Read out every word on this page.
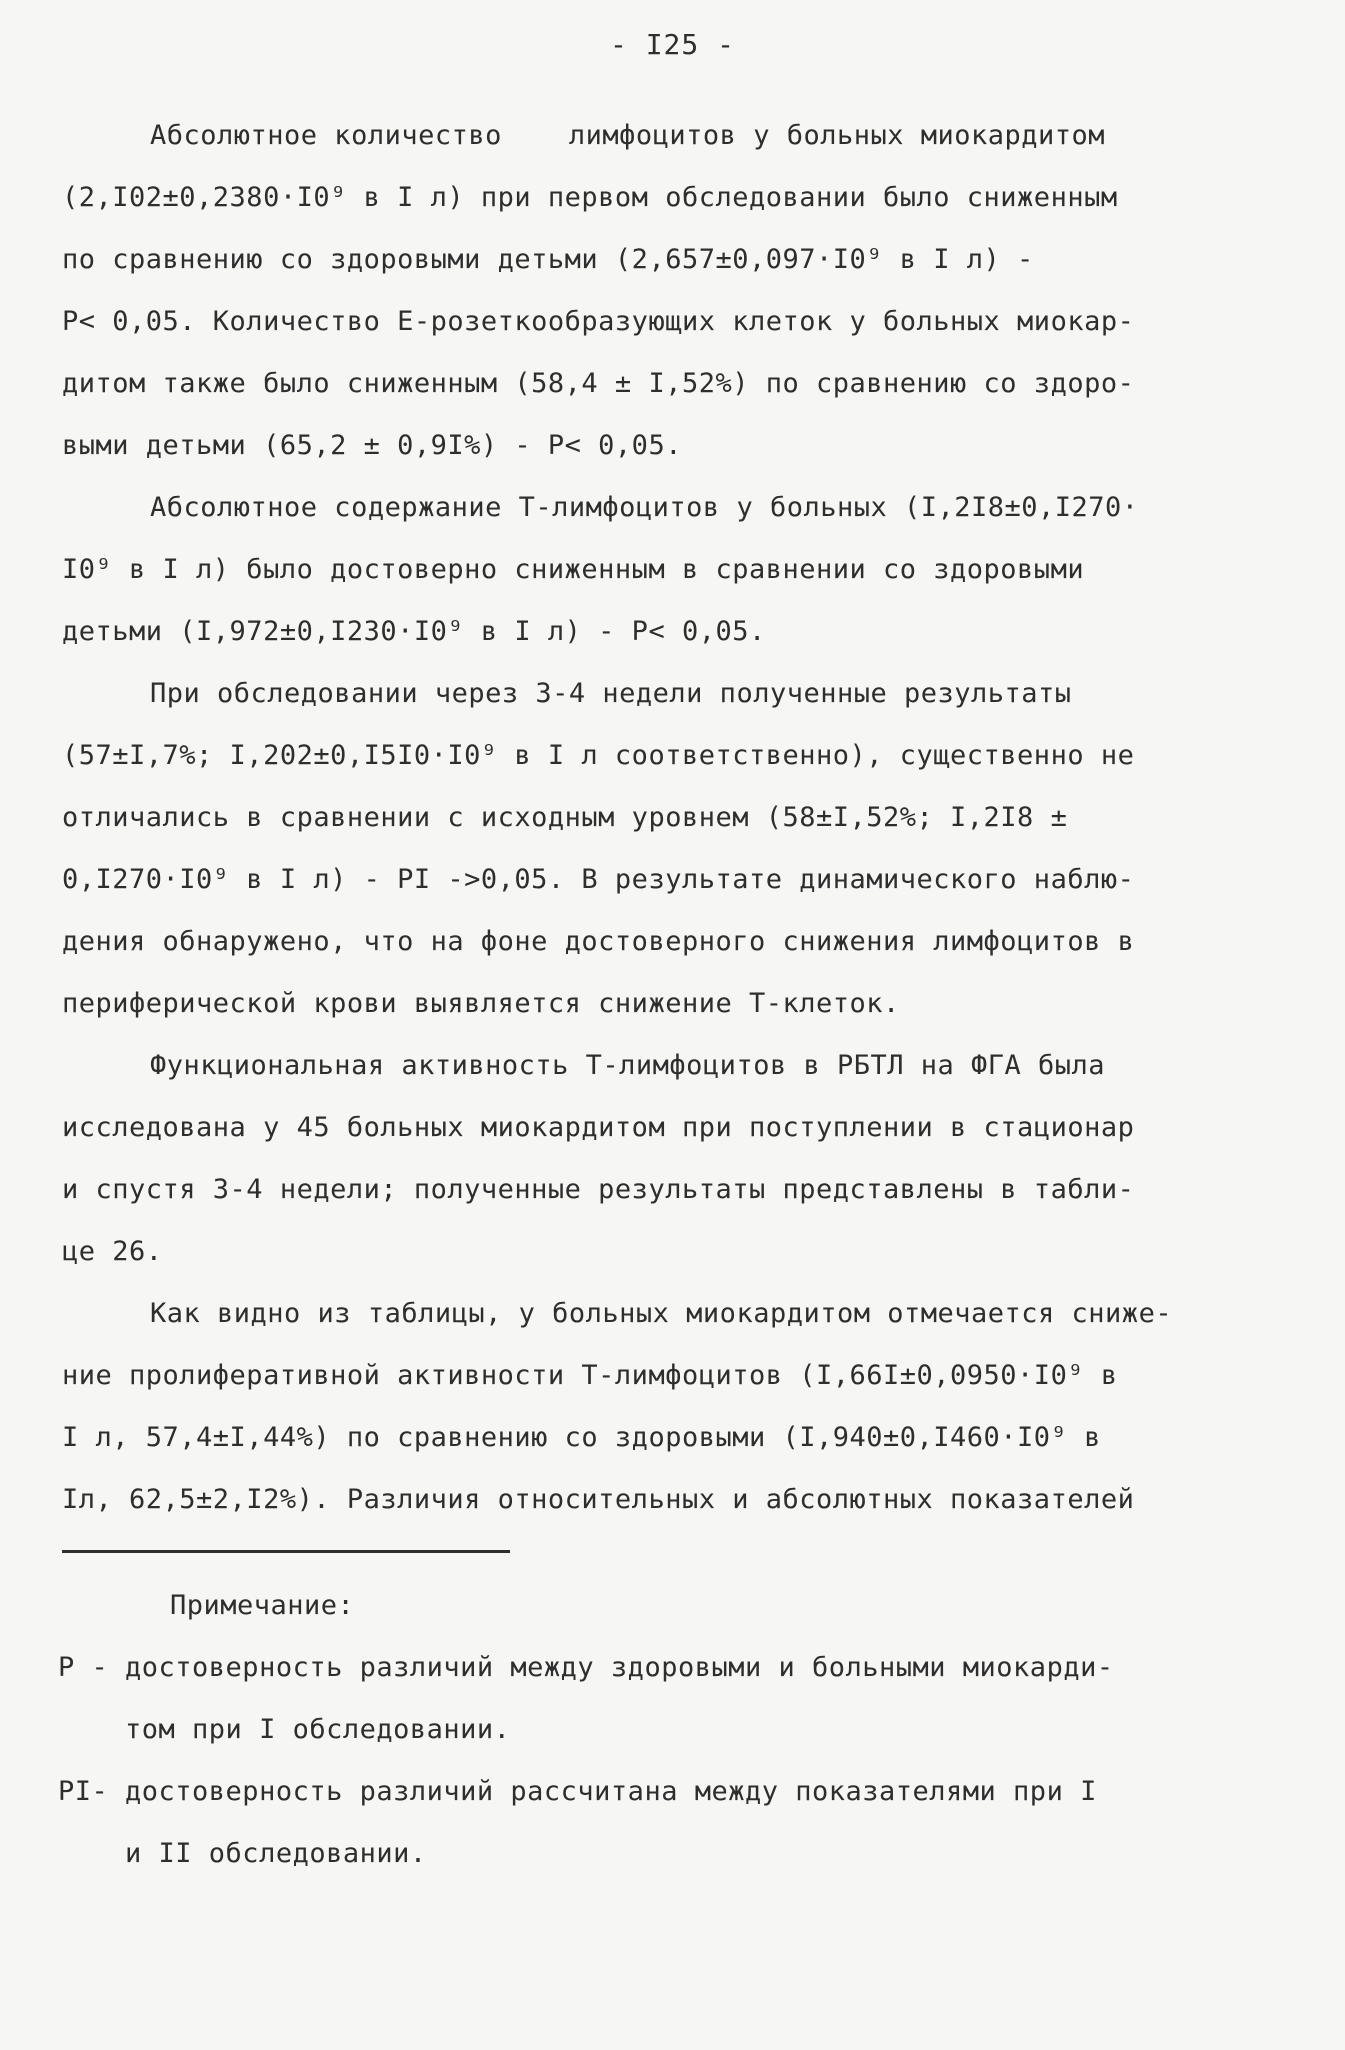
- I25 -
Абсолютное количество    лимфоцитов у больных миокардитом
(2,I02±0,2380·I0⁹ в I л) при первом обследовании было сниженным
по сравнению со здоровыми детьми (2,657±0,097·I0⁹ в I л) -
P< 0,05. Количество Е-розеткообразующих клеток у больных миокар-
дитом также было сниженным (58,4 ± I,52%) по сравнению со здоро-
выми детьми (65,2 ± 0,9I%) - P< 0,05.
Абсолютное содержание Т-лимфоцитов у больных (I,2I8±0,I270·
I0⁹ в I л) было достоверно сниженным в сравнении со здоровыми
детьми (I,972±0,I230·I0⁹ в I л) - P< 0,05.
При обследовании через 3-4 недели полученные результаты
(57±I,7%; I,202±0,I5I0·I0⁹ в I л соответственно), существенно не
отличались в сравнении с исходным уровнем (58±I,52%; I,2I8 ±
0,I270·I0⁹ в I л) - PI ->0,05. В результате динамического наблю-
дения обнаружено, что на фоне достоверного снижения лимфоцитов в
периферической крови выявляется снижение Т-клеток.
Функциональная активность Т-лимфоцитов в РБТЛ на ФГА была
исследована у 45 больных миокардитом при поступлении в стационар
и спустя 3-4 недели; полученные результаты представлены в табли-
це 26.
Как видно из таблицы, у больных миокардитом отмечается сниже-
ние пролиферативной активности Т-лимфоцитов (I,66I±0,0950·I0⁹ в
I л, 57,4±I,44%) по сравнению со здоровыми (I,940±0,I460·I0⁹ в
Iл, 62,5±2,I2%). Различия относительных и абсолютных показателей
Примечание:
P - достоверность различий между здоровыми и больными миокарди-
том при I обследовании.
PI- достоверность различий рассчитана между показателями при I
и II обследовании.
